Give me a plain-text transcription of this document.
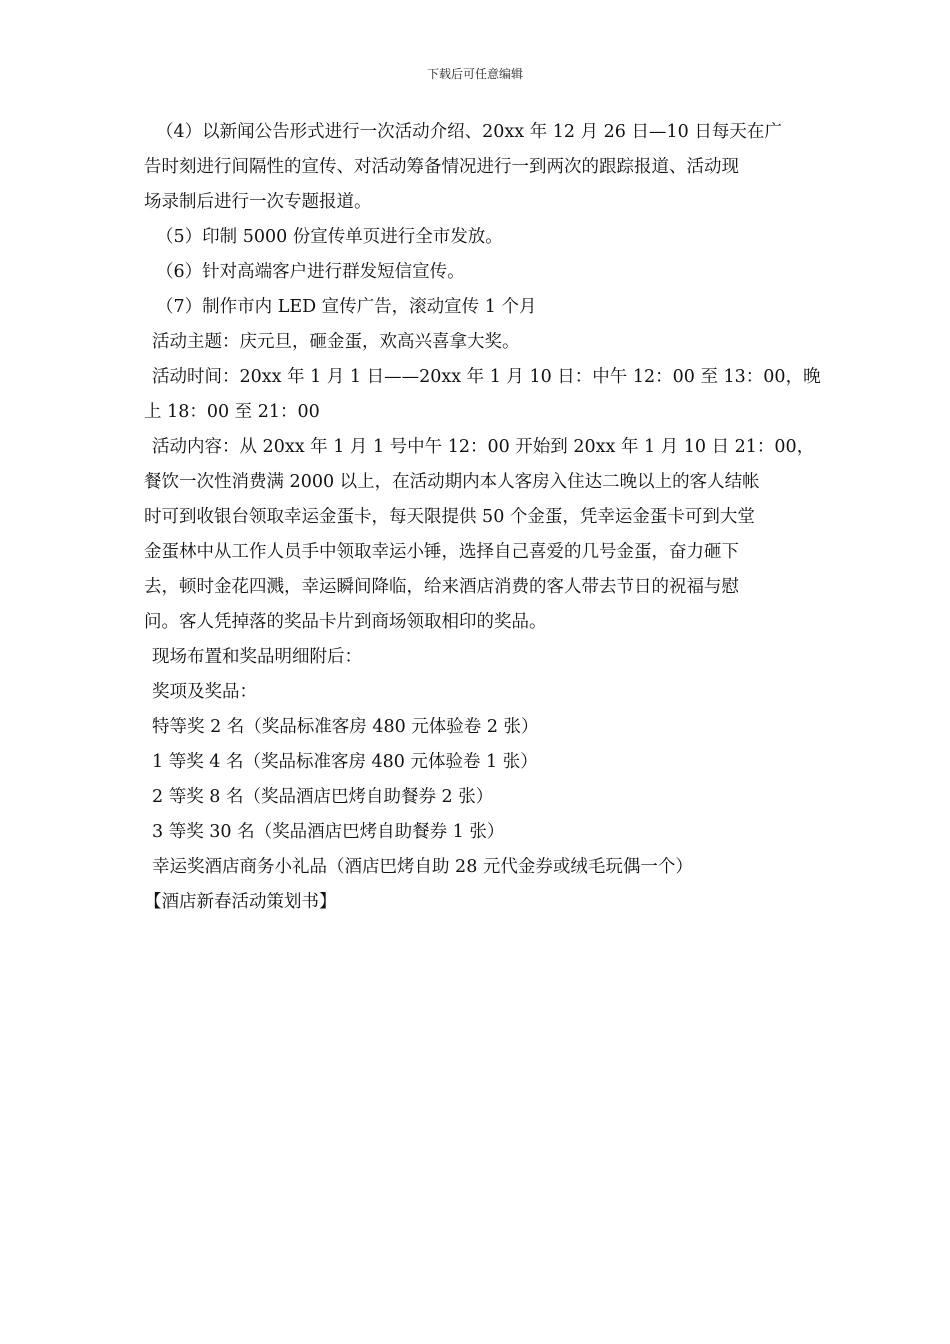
下载后可任意编辑
（4）以新闻公告形式进行一次活动介绍、20xx 年 12 月 26 日—10 日每天在广
告时刻进行间隔性的宣传、对活动筹备情况进行一到两次的跟踪报道、活动现
场录制后进行一次专题报道。
（5）印制 5000 份宣传单页进行全市发放。
（6）针对高端客户进行群发短信宣传。
（7）制作市内 LED 宣传广告，滚动宣传 1 个月
活动主题：庆元旦，砸金蛋，欢高兴喜拿大奖。
活动时间：20xx 年 1 月 1 日——20xx 年 1 月 10 日：中午 12：00 至 13：00，晚
上 18：00 至 21：00
活动内容：从 20xx 年 1 月 1 号中午 12：00 开始到 20xx 年 1 月 10 日 21：00，
餐饮一次性消费满 2000 以上，在活动期内本人客房入住达二晚以上的客人结帐
时可到收银台领取幸运金蛋卡，每天限提供 50 个金蛋，凭幸运金蛋卡可到大堂
金蛋林中从工作人员手中领取幸运小锤，选择自己喜爱的几号金蛋，奋力砸下
去，顿时金花四溅，幸运瞬间降临，给来酒店消费的客人带去节日的祝福与慰
问。客人凭掉落的奖品卡片到商场领取相印的奖品。
现场布置和奖品明细附后：
奖项及奖品：
特等奖 2 名（奖品标准客房 480 元体验卷 2 张）
1 等奖 4 名（奖品标准客房 480 元体验卷 1 张）
2 等奖 8 名（奖品酒店巴烤自助餐券 2 张）
3 等奖 30 名（奖品酒店巴烤自助餐券 1 张）
幸运奖酒店商务小礼品（酒店巴烤自助 28 元代金券或绒毛玩偶一个）
【酒店新春活动策划书】
